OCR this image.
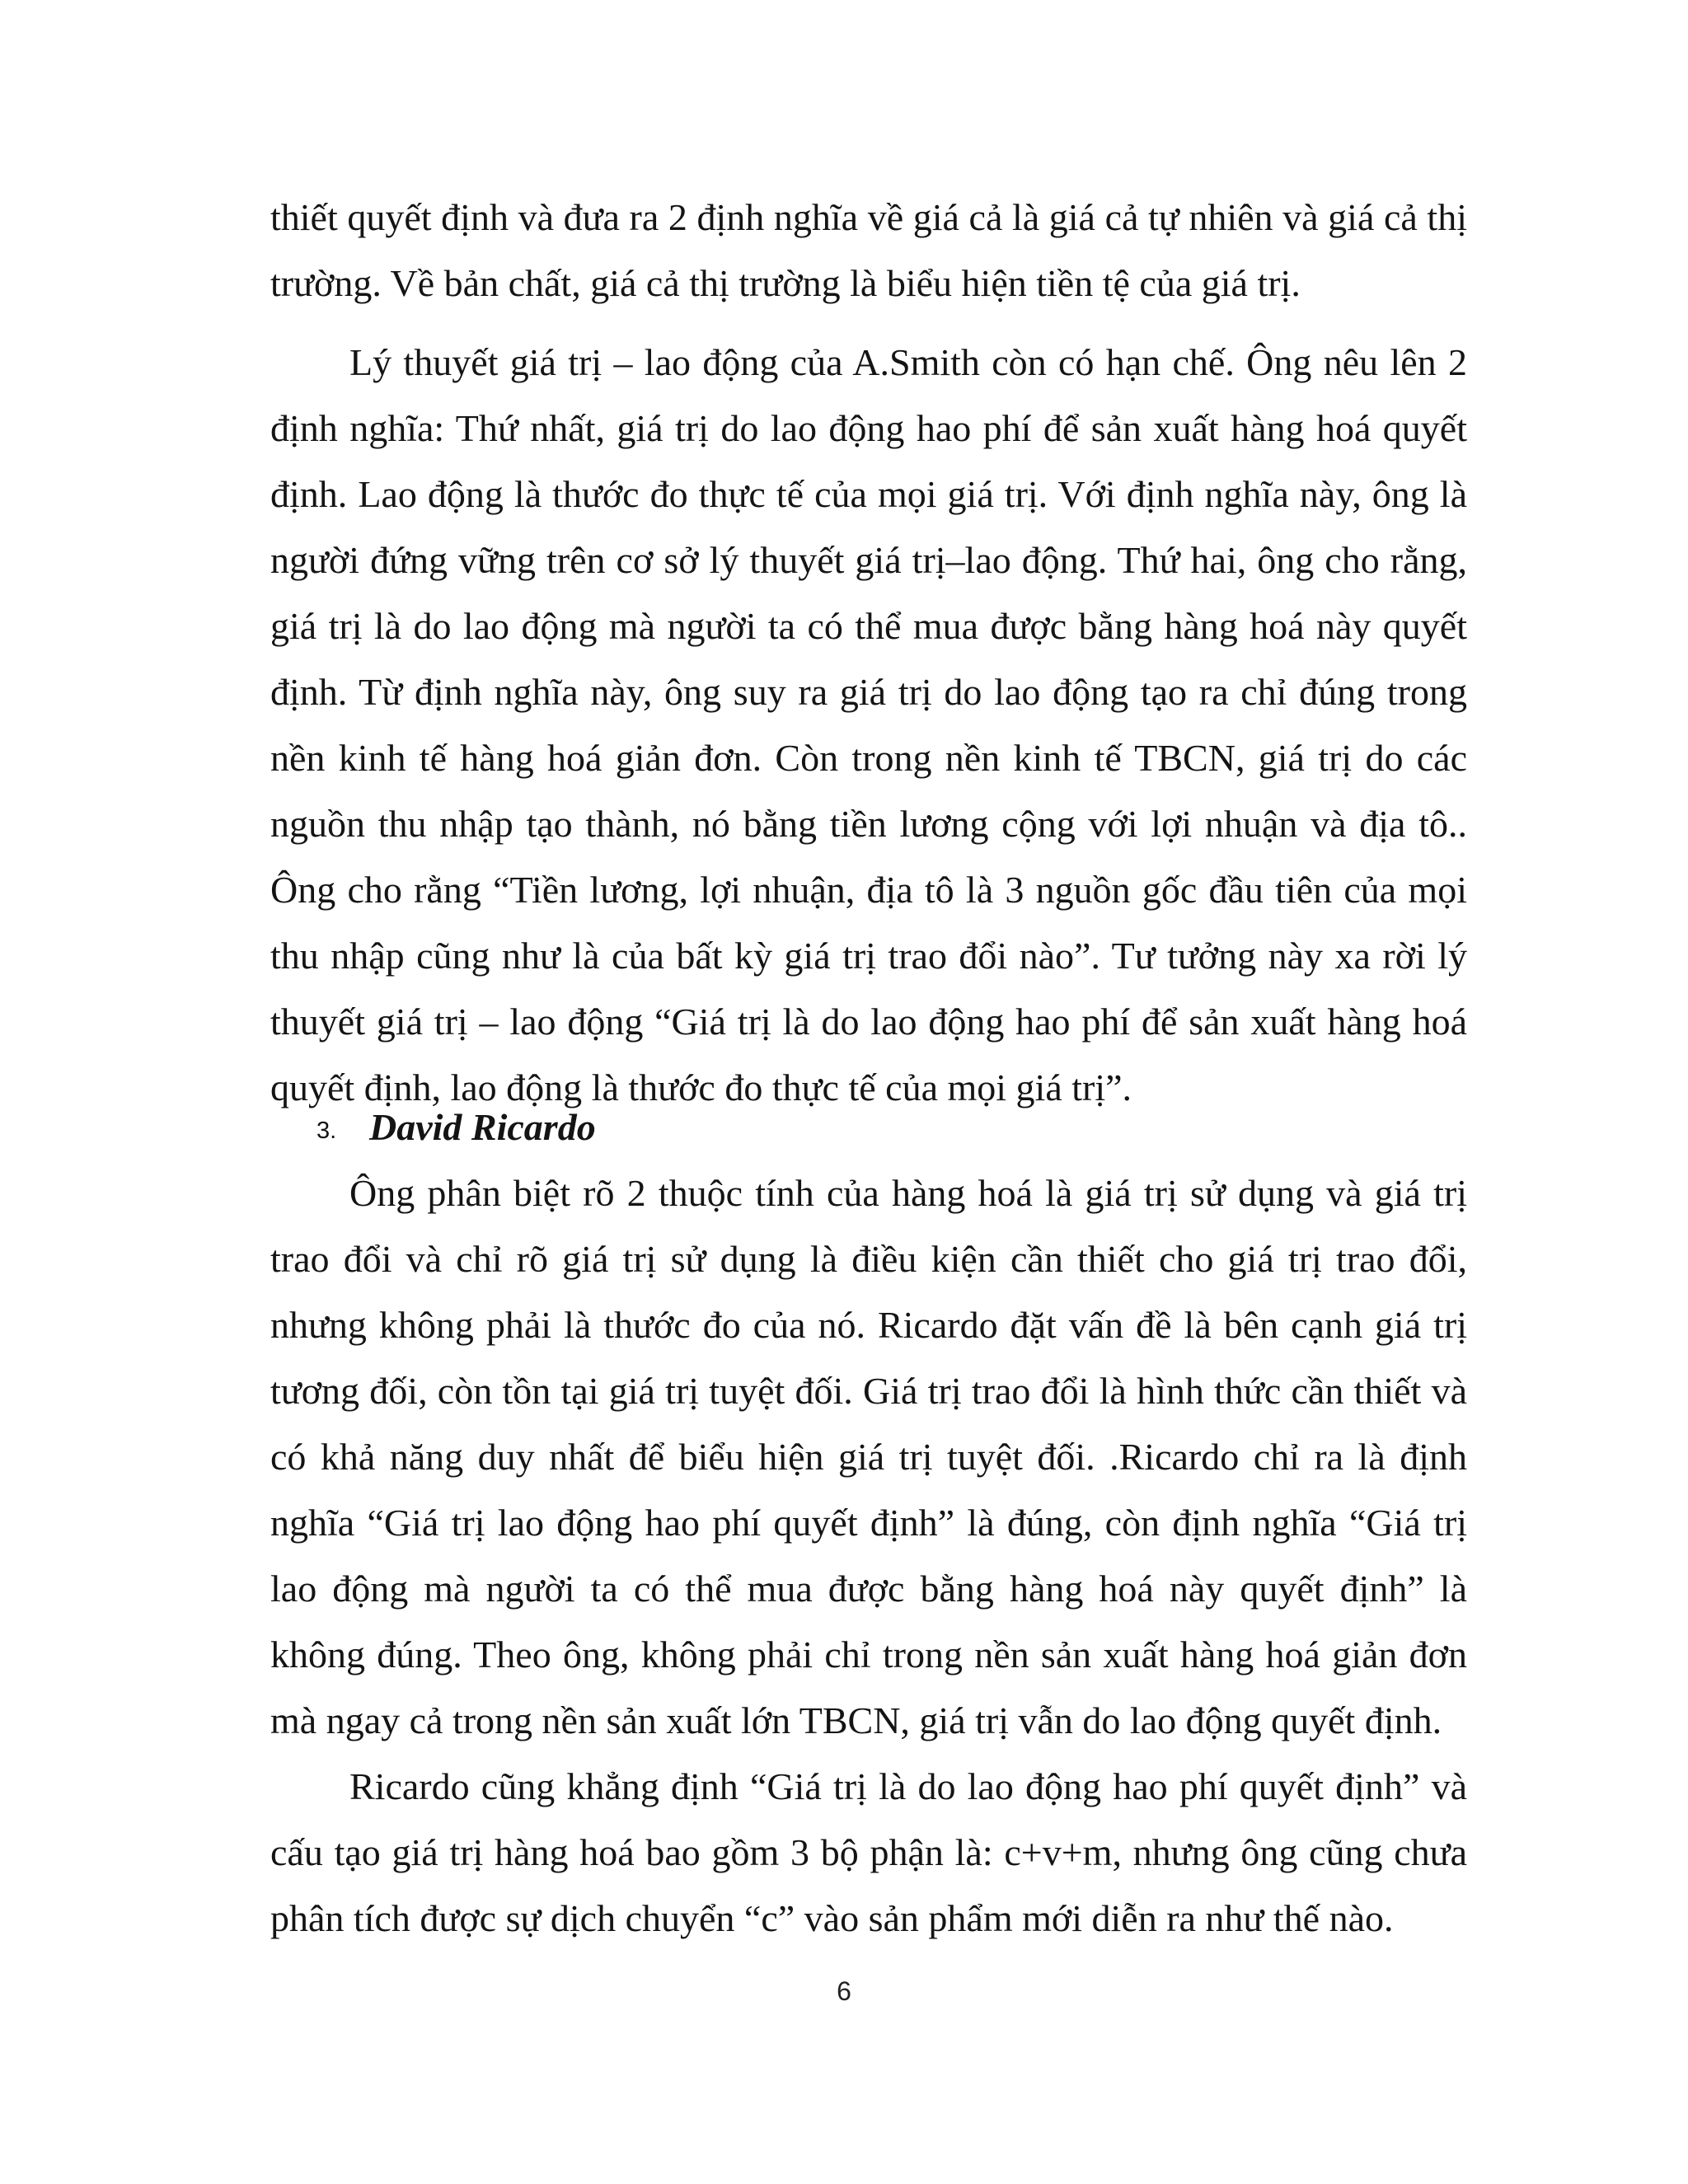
thiết quyết định và đưa ra 2 định nghĩa về giá cả là giá cả tự nhiên và giá cả thị trường. Về bản chất, giá cả thị trường là biểu hiện tiền tệ của giá trị.

Lý thuyết giá trị – lao động của A.Smith còn có hạn chế. Ông nêu lên 2 định nghĩa: Thứ nhất, giá trị do lao động hao phí để sản xuất hàng hoá quyết định. Lao động là thước đo thực tế của mọi giá trị. Với định nghĩa này, ông là người đứng vững trên cơ sở lý thuyết giá trị–lao động. Thứ hai, ông cho rằng, giá trị là do lao động mà người ta có thể mua được bằng hàng hoá này quyết định. Từ định nghĩa này, ông suy ra giá trị do lao động tạo ra chỉ đúng trong nền kinh tế hàng hoá giản đơn. Còn trong nền kinh tế TBCN, giá trị do các nguồn thu nhập tạo thành, nó bằng tiền lương cộng với lợi nhuận và địa tô.. Ông cho rằng “Tiền lương, lợi nhuận, địa tô là 3 nguồn gốc đầu tiên của mọi thu nhập cũng như là của bất kỳ giá trị trao đổi nào”. Tư tưởng này xa rời lý thuyết giá trị – lao động “Giá trị là do lao động hao phí để sản xuất hàng hoá quyết định, lao động là thước đo thực tế của mọi giá trị”.

3. David Ricardo

Ông phân biệt rõ 2 thuộc tính của hàng hoá là giá trị sử dụng và giá trị trao đổi và chỉ rõ giá trị sử dụng là điều kiện cần thiết cho giá trị trao đổi, nhưng không phải là thước đo của nó. Ricardo đặt vấn đề là bên cạnh giá trị tương đối, còn tồn tại giá trị tuyệt đối. Giá trị trao đổi là hình thức cần thiết và có khả năng duy nhất để biểu hiện giá trị tuyệt đối. .Ricardo chỉ ra là định nghĩa “Giá trị lao động hao phí quyết định” là đúng, còn định nghĩa “Giá trị lao động mà người ta có thể mua được bằng hàng hoá này quyết định” là không đúng. Theo ông, không phải chỉ trong nền sản xuất hàng hoá giản đơn mà ngay cả trong nền sản xuất lớn TBCN, giá trị vẫn do lao động quyết định.

Ricardo cũng khẳng định “Giá trị là do lao động hao phí quyết định” và cấu tạo giá trị hàng hoá bao gồm 3 bộ phận là: c+v+m, nhưng ông cũng chưa phân tích được sự dịch chuyển “c” vào sản phẩm mới diễn ra như thế nào.

6
